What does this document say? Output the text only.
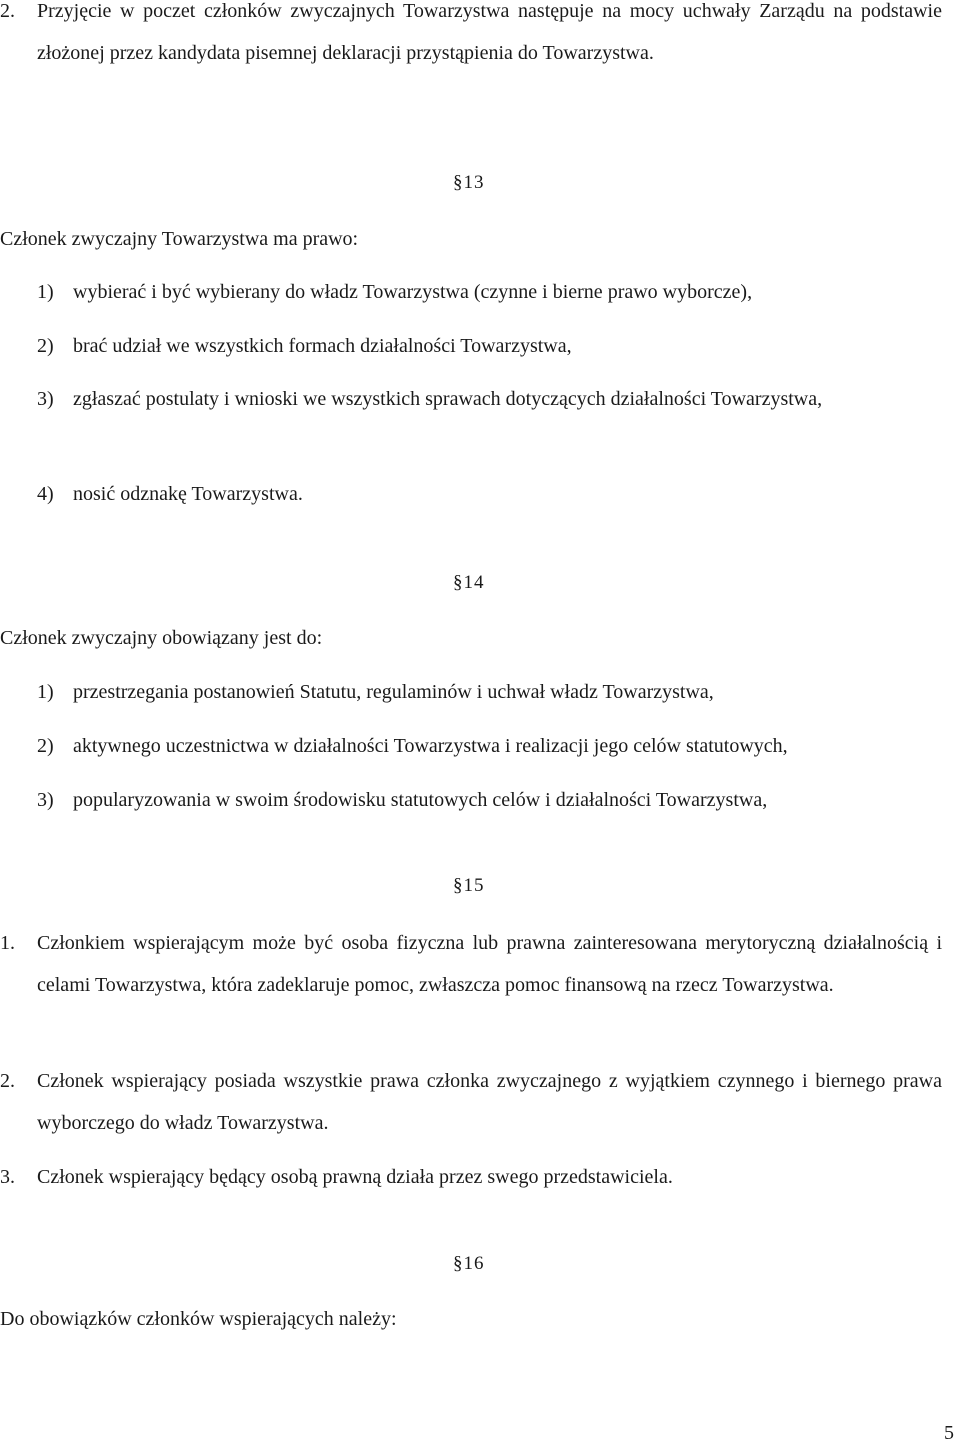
2.	Przyjęcie w poczet członków zwyczajnych Towarzystwa następuje na mocy uchwały Zarządu na podstawie złożonej przez kandydata pisemnej deklaracji przystąpienia do Towarzystwa.
§13
Członek zwyczajny Towarzystwa ma prawo:
1) wybierać i być wybierany do władz Towarzystwa (czynne i bierne prawo wyborcze),
2) brać udział we wszystkich formach działalności Towarzystwa,
3) zgłaszać postulaty i wnioski we wszystkich sprawach dotyczących działalności Towarzystwa,
4) nosić odznakę Towarzystwa.
§14
Członek zwyczajny obowiązany jest do:
1) przestrzegania postanowień Statutu, regulaminów i uchwał władz Towarzystwa,
2) aktywnego uczestnictwa w działalności Towarzystwa i realizacji jego celów statutowych,
3) popularyzowania w swoim środowisku statutowych celów i działalności Towarzystwa,
§15
1.	Członkiem wspierającym może być osoba fizyczna lub prawna zainteresowana merytoryczną działalnością i celami Towarzystwa, która zadeklaruje pomoc, zwłaszcza pomoc finansową na rzecz Towarzystwa.
2.	Członek wspierający posiada wszystkie prawa członka zwyczajnego z wyjątkiem czynnego i biernego prawa wyborczego do władz Towarzystwa.
3.	Członek wspierający będący osobą prawną działa przez swego przedstawiciela.
§16
Do obowiązków członków wspierających należy:
5
